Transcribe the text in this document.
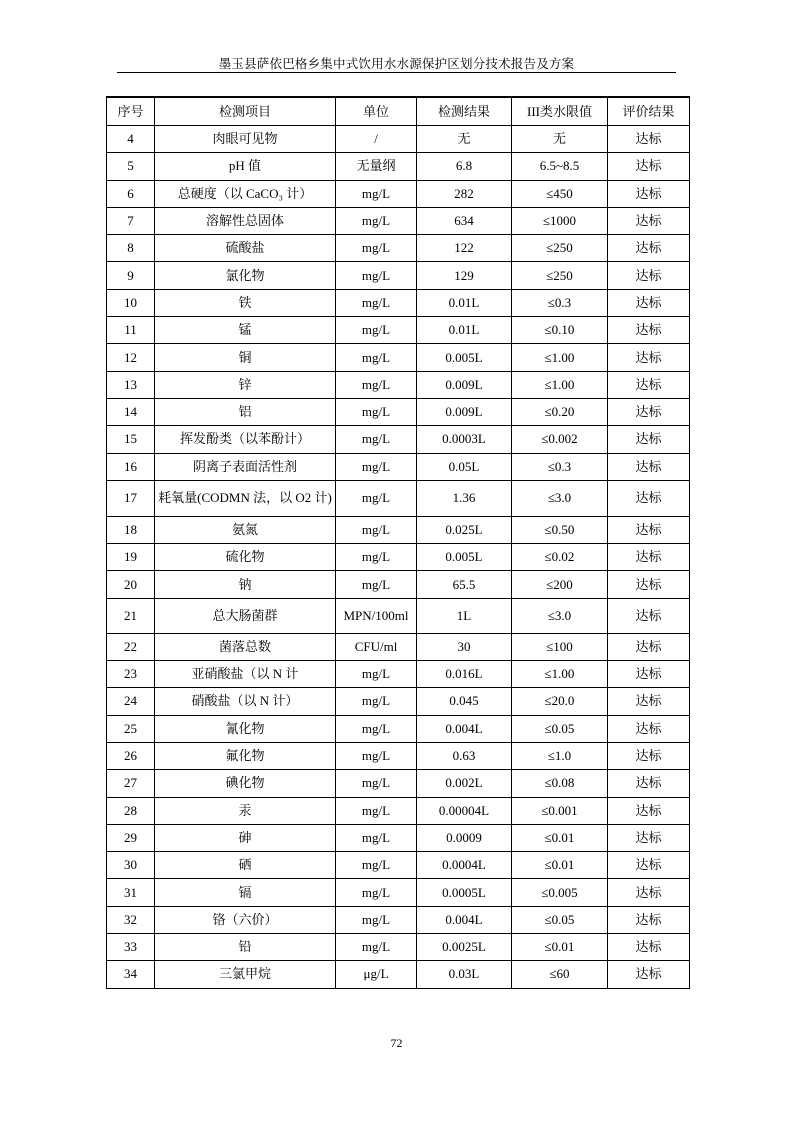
墨玉县萨依巴格乡集中式饮用水水源保护区划分技术报告及方案
序号	检测项目	单位	检测结果	III类水限值	评价结果
4	肉眼可见物	/	无	无	达标
5	pH 值	无量纲	6.8	6.5~8.5	达标
6	总硬度（以 CaCO₃ 计）	mg/L	282	≤450	达标
7	溶解性总固体	mg/L	634	≤1000	达标
8	硫酸盐	mg/L	122	≤250	达标
9	氯化物	mg/L	129	≤250	达标
10	铁	mg/L	0.01L	≤0.3	达标
11	锰	mg/L	0.01L	≤0.10	达标
12	铜	mg/L	0.005L	≤1.00	达标
13	锌	mg/L	0.009L	≤1.00	达标
14	铝	mg/L	0.009L	≤0.20	达标
15	挥发酚类（以苯酚计）	mg/L	0.0003L	≤0.002	达标
16	阴离子表面活性剂	mg/L	0.05L	≤0.3	达标
17	耗氧量(CODMN 法，以 O2 计)	mg/L	1.36	≤3.0	达标
18	氨氮	mg/L	0.025L	≤0.50	达标
19	硫化物	mg/L	0.005L	≤0.02	达标
20	钠	mg/L	65.5	≤200	达标
21	总大肠菌群	MPN/100ml	1L	≤3.0	达标
22	菌落总数	CFU/ml	30	≤100	达标
23	亚硝酸盐（以 N 计	mg/L	0.016L	≤1.00	达标
24	硝酸盐（以 N 计）	mg/L	0.045	≤20.0	达标
25	氰化物	mg/L	0.004L	≤0.05	达标
26	氟化物	mg/L	0.63	≤1.0	达标
27	碘化物	mg/L	0.002L	≤0.08	达标
28	汞	mg/L	0.00004L	≤0.001	达标
29	砷	mg/L	0.0009	≤0.01	达标
30	硒	mg/L	0.0004L	≤0.01	达标
31	镉	mg/L	0.0005L	≤0.005	达标
32	铬（六价）	mg/L	0.004L	≤0.05	达标
33	铅	mg/L	0.0025L	≤0.01	达标
34	三氯甲烷	μg/L	0.03L	≤60	达标
72
